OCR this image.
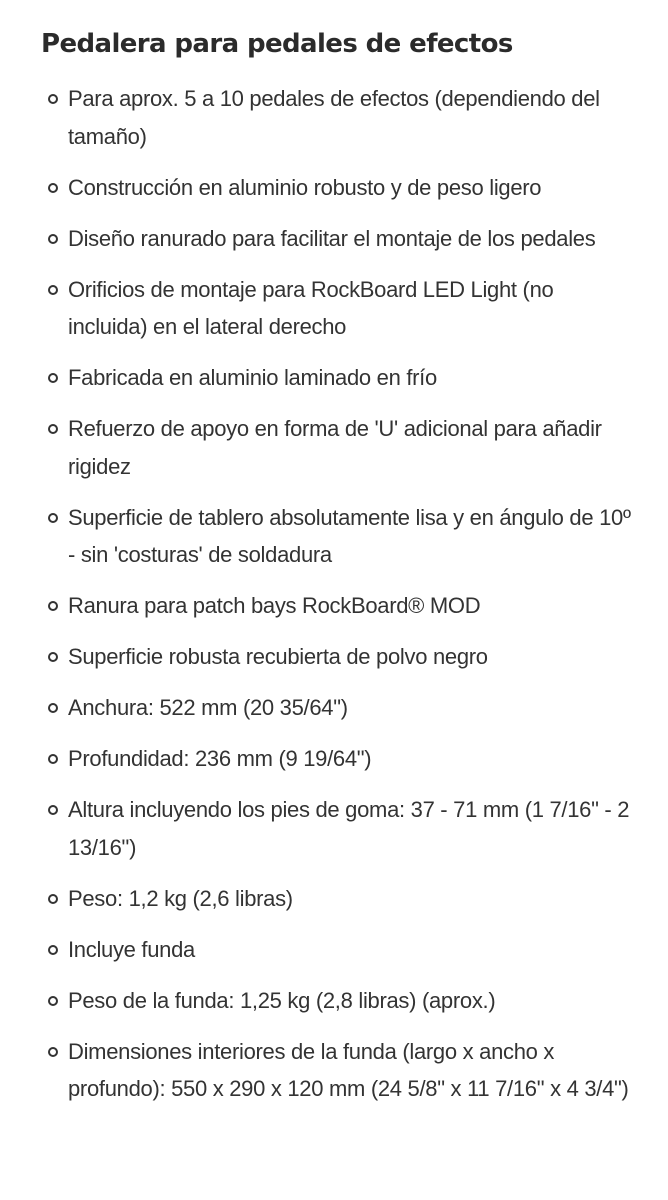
Pedalera para pedales de efectos
Para aprox. 5 a 10 pedales de efectos (dependiendo del tamaño)
Construcción en aluminio robusto y de peso ligero
Diseño ranurado para facilitar el montaje de los pedales
Orificios de montaje para RockBoard LED Light (no incluida) en el lateral derecho
Fabricada en aluminio laminado en frío
Refuerzo de apoyo en forma de 'U' adicional para añadir rigidez
Superficie de tablero absolutamente lisa y en ángulo de 10º - sin 'costuras' de soldadura
Ranura para patch bays RockBoard® MOD
Superficie robusta recubierta de polvo negro
Anchura: 522 mm (20 35/64")
Profundidad: 236 mm (9 19/64")
Altura incluyendo los pies de goma: 37 - 71 mm (1 7/16" - 2 13/16")
Peso: 1,2 kg (2,6 libras)
Incluye funda
Peso de la funda: 1,25 kg (2,8 libras) (aprox.)
Dimensiones interiores de la funda (largo x ancho x profundo): 550 x 290 x 120 mm (24 5/8" x 11 7/16" x 4 3/4")
